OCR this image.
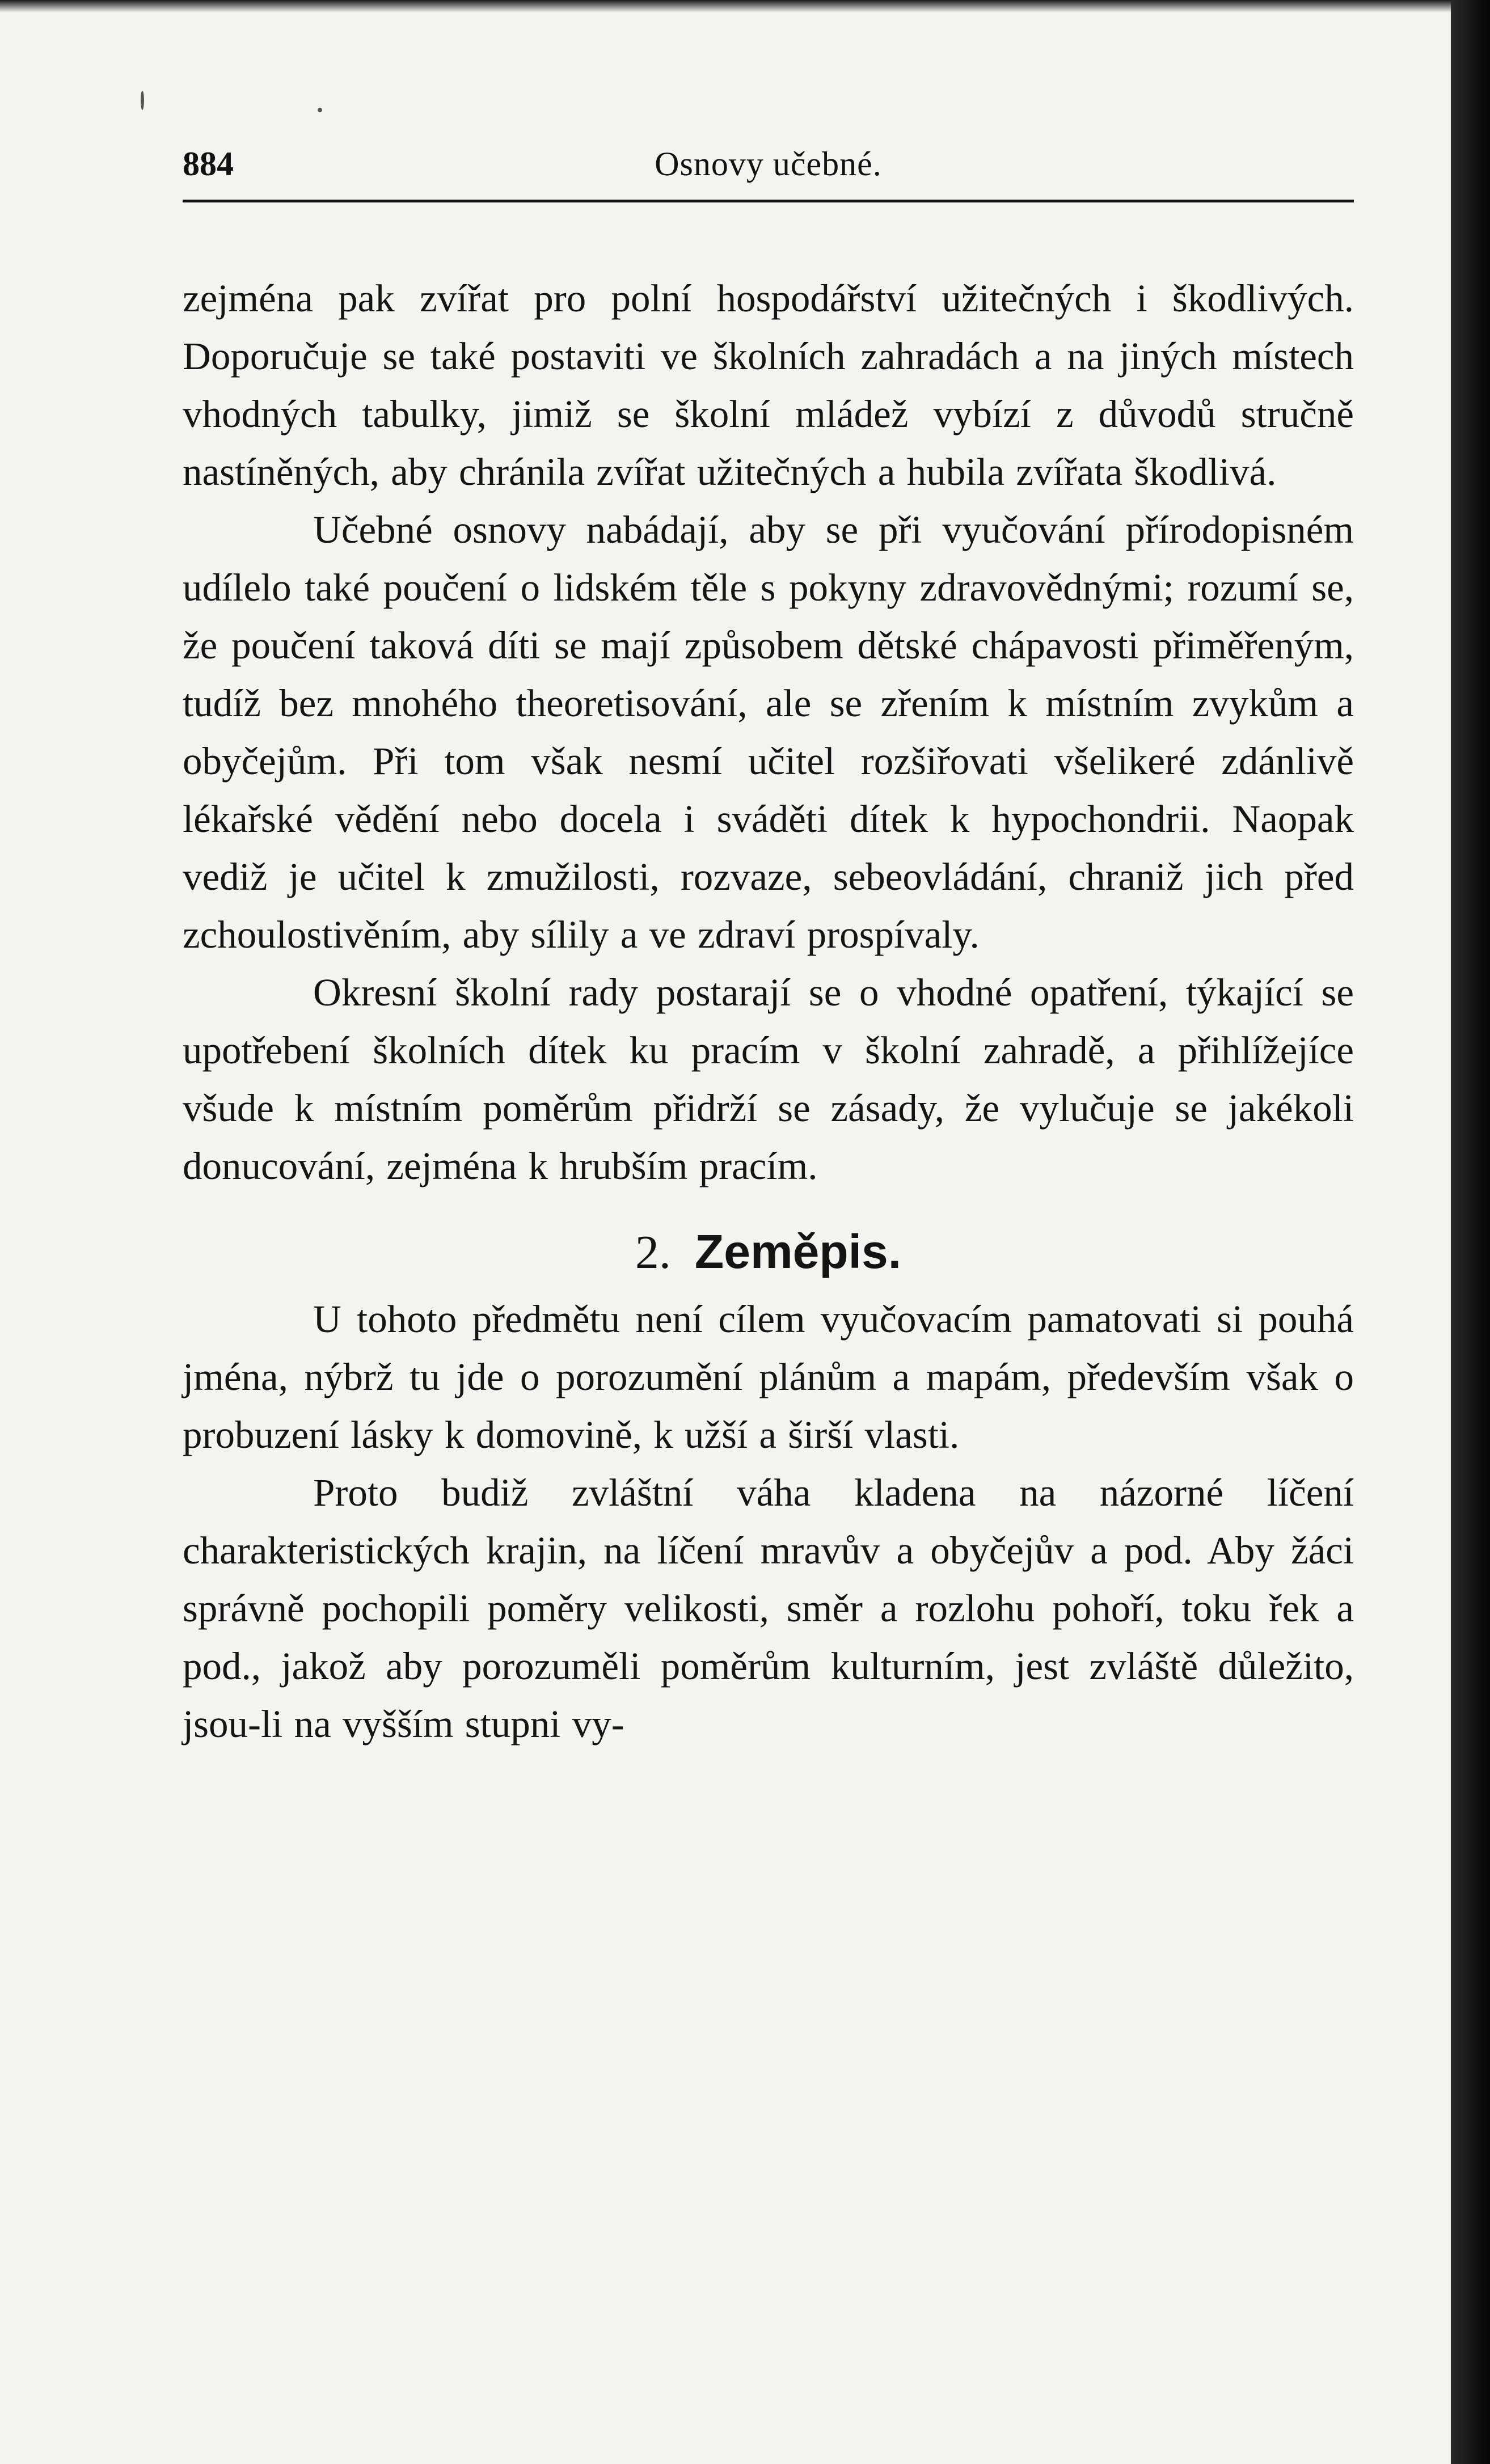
884	Osnovy učebné.

zejména pak zvířat pro polní hospodářství užitečných i škodlivých. Doporučuje se také postaviti ve školních zahradách a na jiných místech vhodných tabulky, jimiž se školní mládež vybízí z důvodů stručně nastíněných, aby chránila zvířat užitečných a hubila zvířata škodlivá.

Učebné osnovy nabádají, aby se při vyučování přírodopisném udílelo také poučení o lidském těle s pokyny zdravovědnými; rozumí se, že poučení taková díti se mají způsobem dětské chápavosti přiměřeným, tudíž bez mnohého theoretisování, ale se zřením k místním zvykům a obyčejům. Při tom však nesmí učitel rozšiřovati všelikeré zdánlivě lékařské vědění nebo docela i sváděti dítek k hypochondrii. Naopak vediž je učitel k zmužilosti, rozvaze, sebeovládání, chraniž jich před zchoulostivěním, aby sílily a ve zdraví prospívaly.

Okresní školní rady postarají se o vhodné opatření, týkající se upotřebení školních dítek ku pracím v školní zahradě, a přihlížejíce všude k místním poměrům přidrží se zásady, že vylučuje se jakékoli donucování, zejména k hrubším pracím.

2. Zeměpis.

U tohoto předmětu není cílem vyučovacím pamatovati si pouhá jména, nýbrž tu jde o porozumění plánům a mapám, především však o probuzení lásky k domovině, k užší a širší vlasti.

Proto budiž zvláštní váha kladena na názorné líčení charakteristických krajin, na líčení mravův a obyčejův a pod. Aby žáci správně pochopili poměry velikosti, směr a rozlohu pohoří, toku řek a pod., jakož aby porozuměli poměrům kulturním, jest zvláště důležito, jsou-li na vyšším stupni vy-
